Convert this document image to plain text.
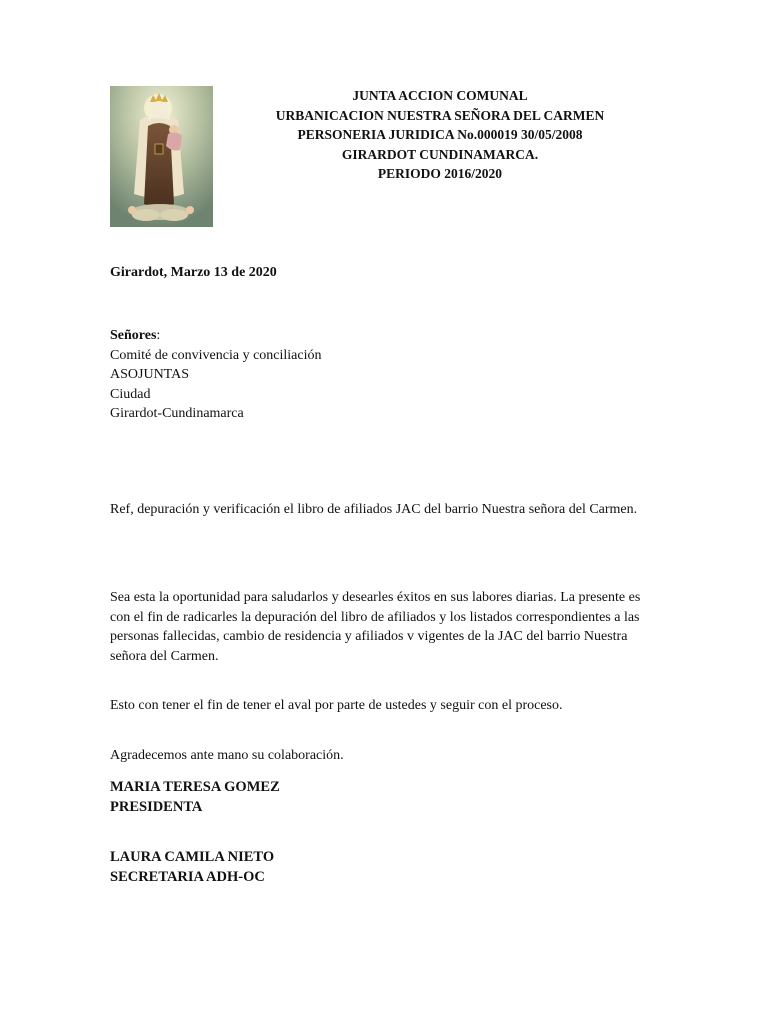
JUNTA ACCION COMUNAL
URBANICACION NUESTRA SEÑORA DEL CARMEN
PERSONERIA JURIDICA No.000019 30/05/2008
GIRARDOT CUNDINAMARCA.
PERIODO 2016/2020
Girardot, Marzo 13 de 2020
Señores:
Comité de convivencia y conciliación
ASOJUNTAS
Ciudad
Girardot-Cundinamarca
Ref, depuración y verificación el libro de afiliados JAC del barrio Nuestra señora del Carmen.
Sea esta la oportunidad para saludarlos y desearles éxitos en sus labores diarias. La presente es con el fin de radicarles la depuración del libro de afiliados y los listados correspondientes a las personas fallecidas, cambio de residencia y afiliados v vigentes de la JAC del barrio Nuestra señora del Carmen.
Esto con tener el fin de tener el aval por parte de ustedes y seguir con el proceso.
Agradecemos ante mano su colaboración.
MARIA TERESA GOMEZ
PRESIDENTA
LAURA CAMILA NIETO
SECRETARIA ADH-OC
